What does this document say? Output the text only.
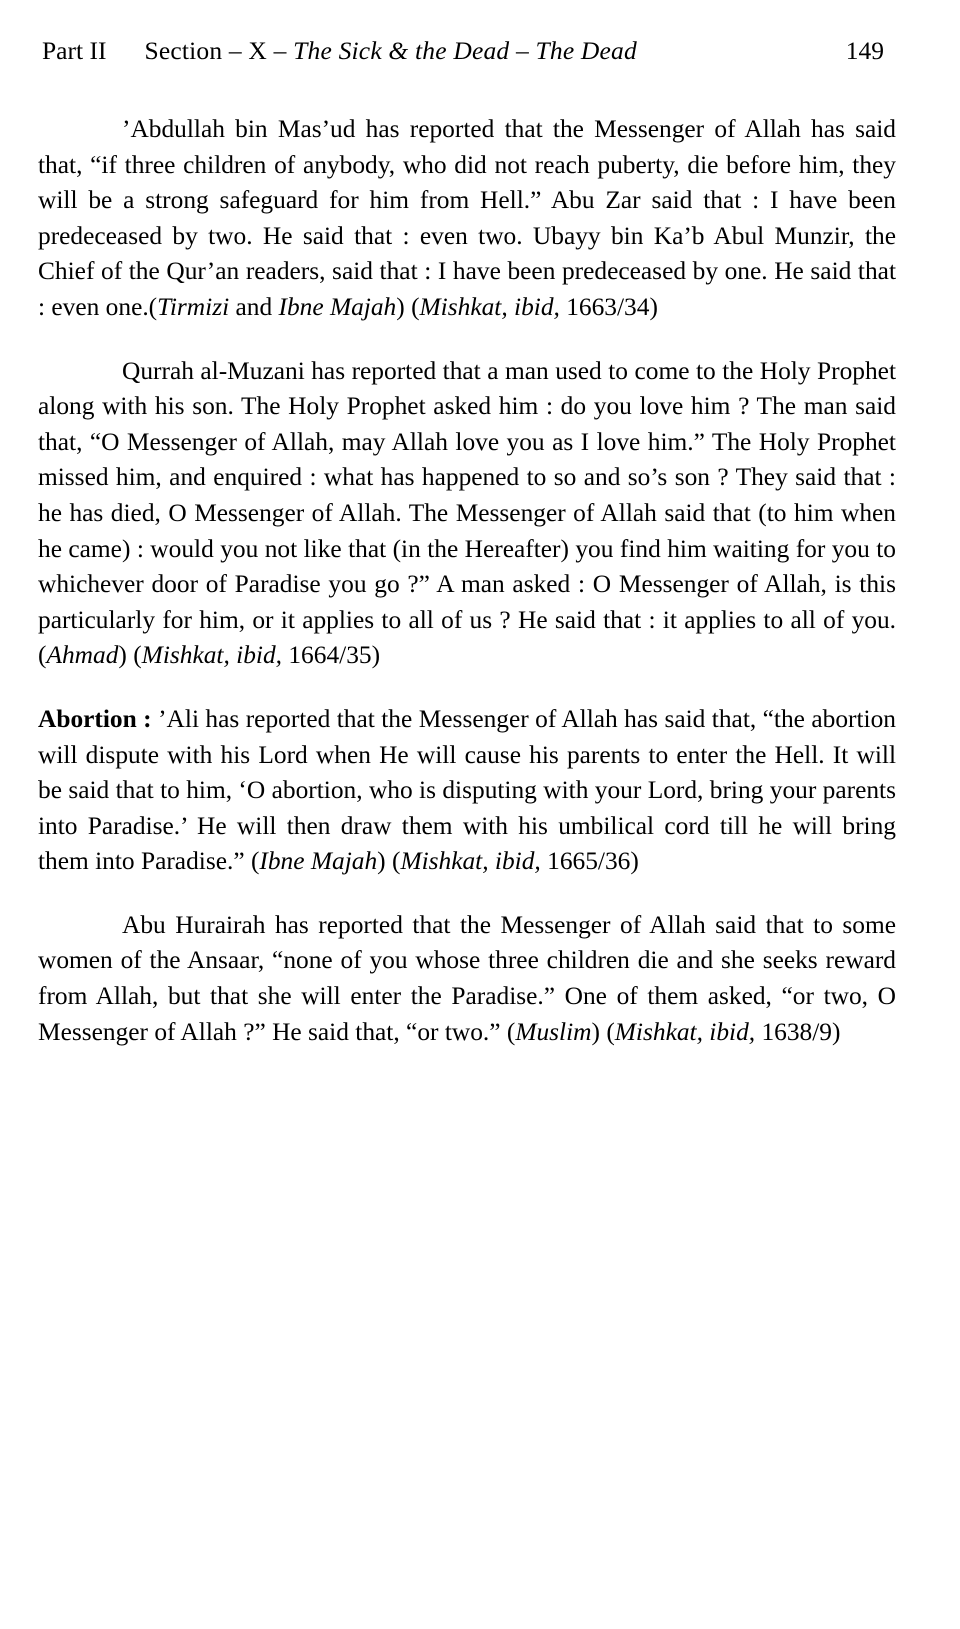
Part II Section – X – The Sick & the Dead – The Dead	149

’Abdullah bin Mas’ud has reported that the Messenger of Allah has said that, “if three children of anybody, who did not reach puberty, die before him, they will be a strong safeguard for him from Hell.” Abu Zar said that : I have been predeceased by two. He said that : even two. Ubayy bin Ka’b Abul Munzir, the Chief of the Qur’an readers, said that : I have been predeceased by one. He said that : even one.(Tirmizi and Ibne Majah) (Mishkat, ibid, 1663/34)

Qurrah al-Muzani has reported that a man used to come to the Holy Prophet along with his son. The Holy Prophet asked him : do you love him ? The man said that, “O Messenger of Allah, may Allah love you as I love him.” The Holy Prophet missed him, and enquired : what has happened to so and so’s son ? They said that : he has died, O Messenger of Allah. The Messenger of Allah said that (to him when he came) : would you not like that (in the Hereafter) you find him waiting for you to whichever door of Paradise you go ?” A man asked : O Messenger of Allah, is this particularly for him, or it applies to all of us ? He said that : it applies to all of you. (Ahmad) (Mishkat, ibid, 1664/35)

Abortion : ’Ali has reported that the Messenger of Allah has said that, “the abortion will dispute with his Lord when He will cause his parents to enter the Hell. It will be said that to him, ‘O abortion, who is disputing with your Lord, bring your parents into Paradise.’ He will then draw them with his umbilical cord till he will bring them into Paradise.” (Ibne Majah) (Mishkat, ibid, 1665/36)

Abu Hurairah has reported that the Messenger of Allah said that to some women of the Ansaar, “none of you whose three children die and she seeks reward from Allah, but that she will enter the Paradise.” One of them asked, “or two, O Messenger of Allah ?” He said that, “or two.” (Muslim) (Mishkat, ibid, 1638/9)
